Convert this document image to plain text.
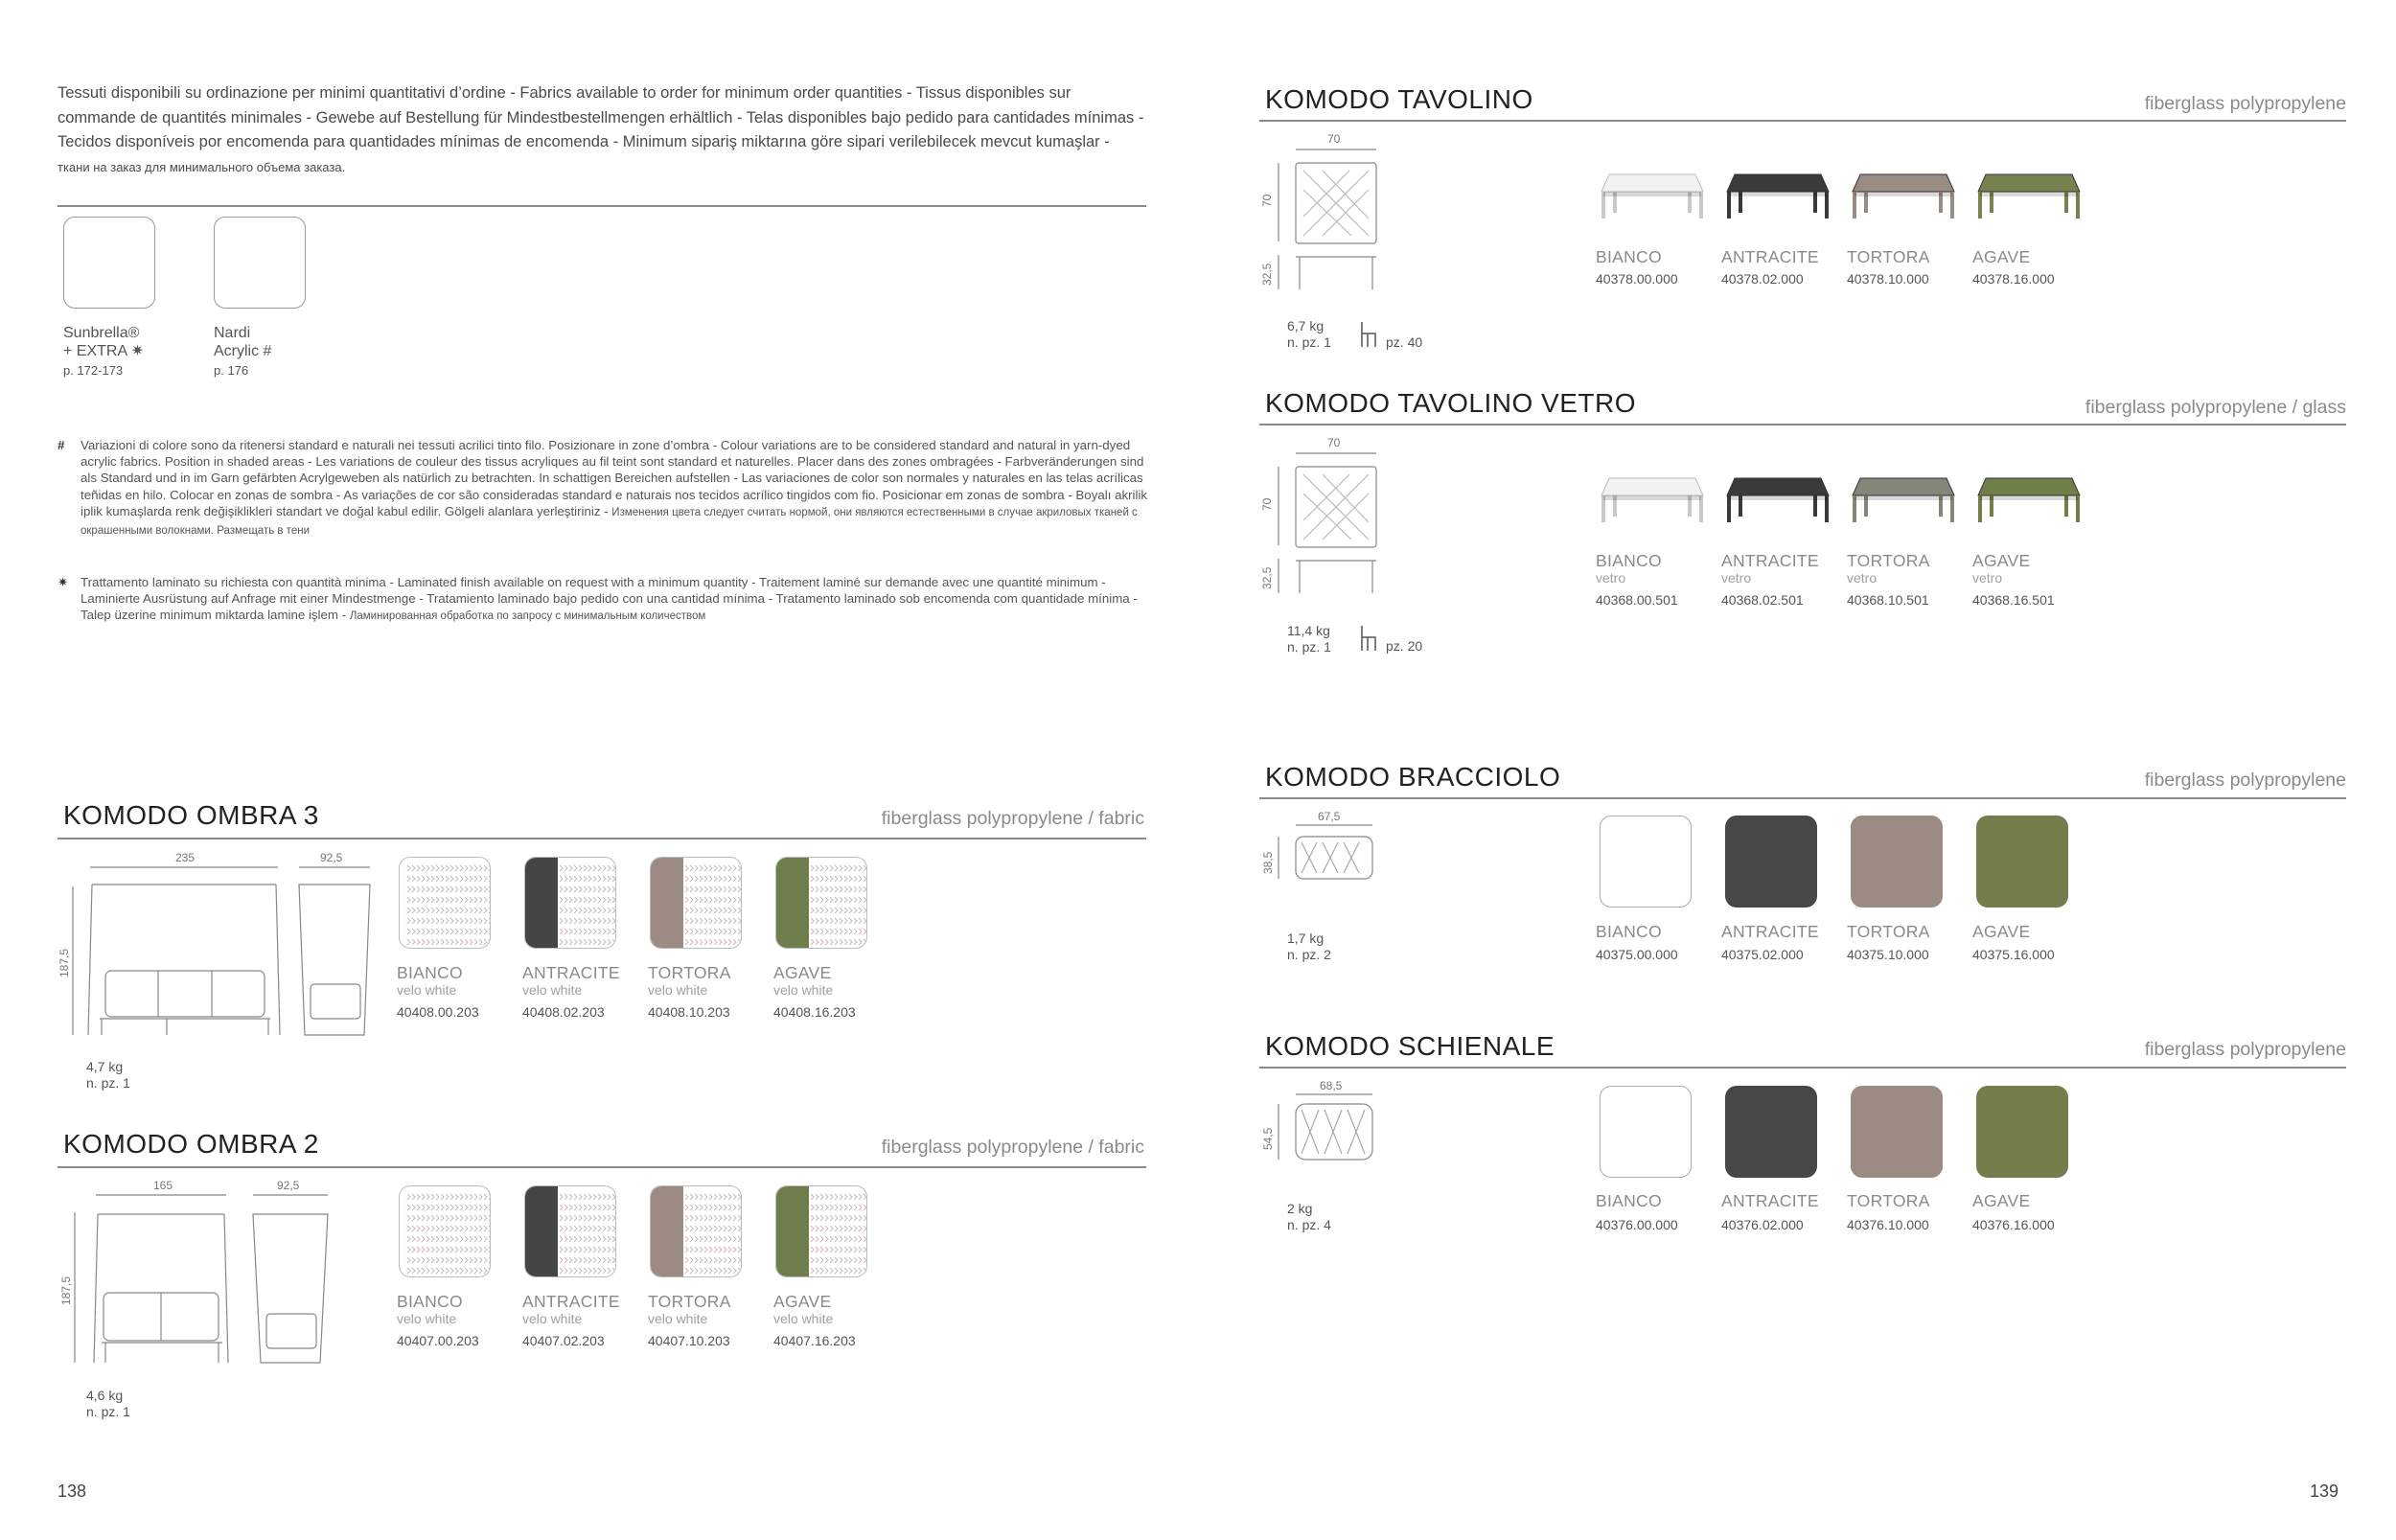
Tessuti disponibili su ordinazione per minimi quantitativi d’ordine - Fabrics available to order for minimum order quantities - Tissus disponibles sur commande de quantités minimales - Gewebe auf Bestellung für Mindestbestellmengen erhältlich - Telas disponibles bajo pedido para cantidades mínimas - Tecidos disponíveis por encomenda para quantidades mínimas de encomenda - Minimum sipariş miktarına göre sipari verilebilecek mevcut kumaşlar - ткани на заказ для минимального объема заказа.
Sunbrella®
+ EXTRA ✷
p. 172-173
Nardi
Acrylic #
p. 176
# Variazioni di colore sono da ritenersi standard e naturali nei tessuti acrilici tinto filo. Posizionare in zone d’ombra - Colour variations are to be considered standard and natural in yarn-dyed acrylic fabrics. Position in shaded areas - Les variations de couleur des tissus acryliques au fil teint sont standard et naturelles. Placer dans des zones ombragées - Farbveränderungen sind als Standard und in im Garn gefärbten Acrylgeweben als natürlich zu betrachten. In schattigen Bereichen aufstellen - Las variaciones de color son normales y naturales en las telas acrílicas teñidas en hilo. Colocar en zonas de sombra - As variações de cor são consideradas standard e naturais nos tecidos acrílico tingidos com fio. Posicionar em zonas de sombra - Boyalı akrilik iplik kumaşlarda renk değişiklikleri standart ve doğal kabul edilir. Gölgeli alanlara yerleştiriniz - Изменения цвета следует считать нормой, они являются естественными в случае акриловых тканей с окрашенными волокнами. Размещать в тени
✷ Trattamento laminato su richiesta con quantità minima - Laminated finish available on request with a minimum quantity - Traitement laminé sur demande avec une quantité minimum - Laminierte Ausrüstung auf Anfrage mit einer Mindestmenge - Tratamiento laminado bajo pedido con una cantidad mínima - Tratamento laminado sob encomenda com quantidade mínima - Talep üzerine minimum miktarda lamine işlem - Ламинированная обработка по запросу с минимальным количеством
KOMODO OMBRA 3	fiberglass polypropylene / fabric
235	92,5
187,5
4,7 kg
n. pz. 1
KOMODO OMBRA 2	fiberglass polypropylene / fabric
165	92,5
187,5
4,6 kg
n. pz. 1
138
KOMODO TAVOLINO	fiberglass polypropylene
70
70
32,5
6,7 kg
n. pz. 1	pz. 40
KOMODO TAVOLINO VETRO	fiberglass polypropylene / glass
70
70
32,5
11,4 kg
n. pz. 1	pz. 20
KOMODO BRACCIOLO	fiberglass polypropylene
67,5
38,5
1,7 kg
n. pz. 2
KOMODO SCHIENALE	fiberglass polypropylene
68,5
54,5
2 kg
n. pz. 4
139
BIANCO
velo white
40408.00.203
ANTRACITE
velo white
40408.02.203
TORTORA
velo white
40408.10.203
AGAVE
velo white
40408.16.203
BIANCO
velo white
40407.00.203
ANTRACITE
velo white
40407.02.203
TORTORA
velo white
40407.10.203
AGAVE
velo white
40407.16.203
BIANCO
40378.00.000
ANTRACITE
40378.02.000
TORTORA
40378.10.000
AGAVE
40378.16.000
BIANCO
vetro
40368.00.501
ANTRACITE
vetro
40368.02.501
TORTORA
vetro
40368.10.501
AGAVE
vetro
40368.16.501
BIANCO
40375.00.000
ANTRACITE
40375.02.000
TORTORA
40375.10.000
AGAVE
40375.16.000
BIANCO
40376.00.000
ANTRACITE
40376.02.000
TORTORA
40376.10.000
AGAVE
40376.16.000
